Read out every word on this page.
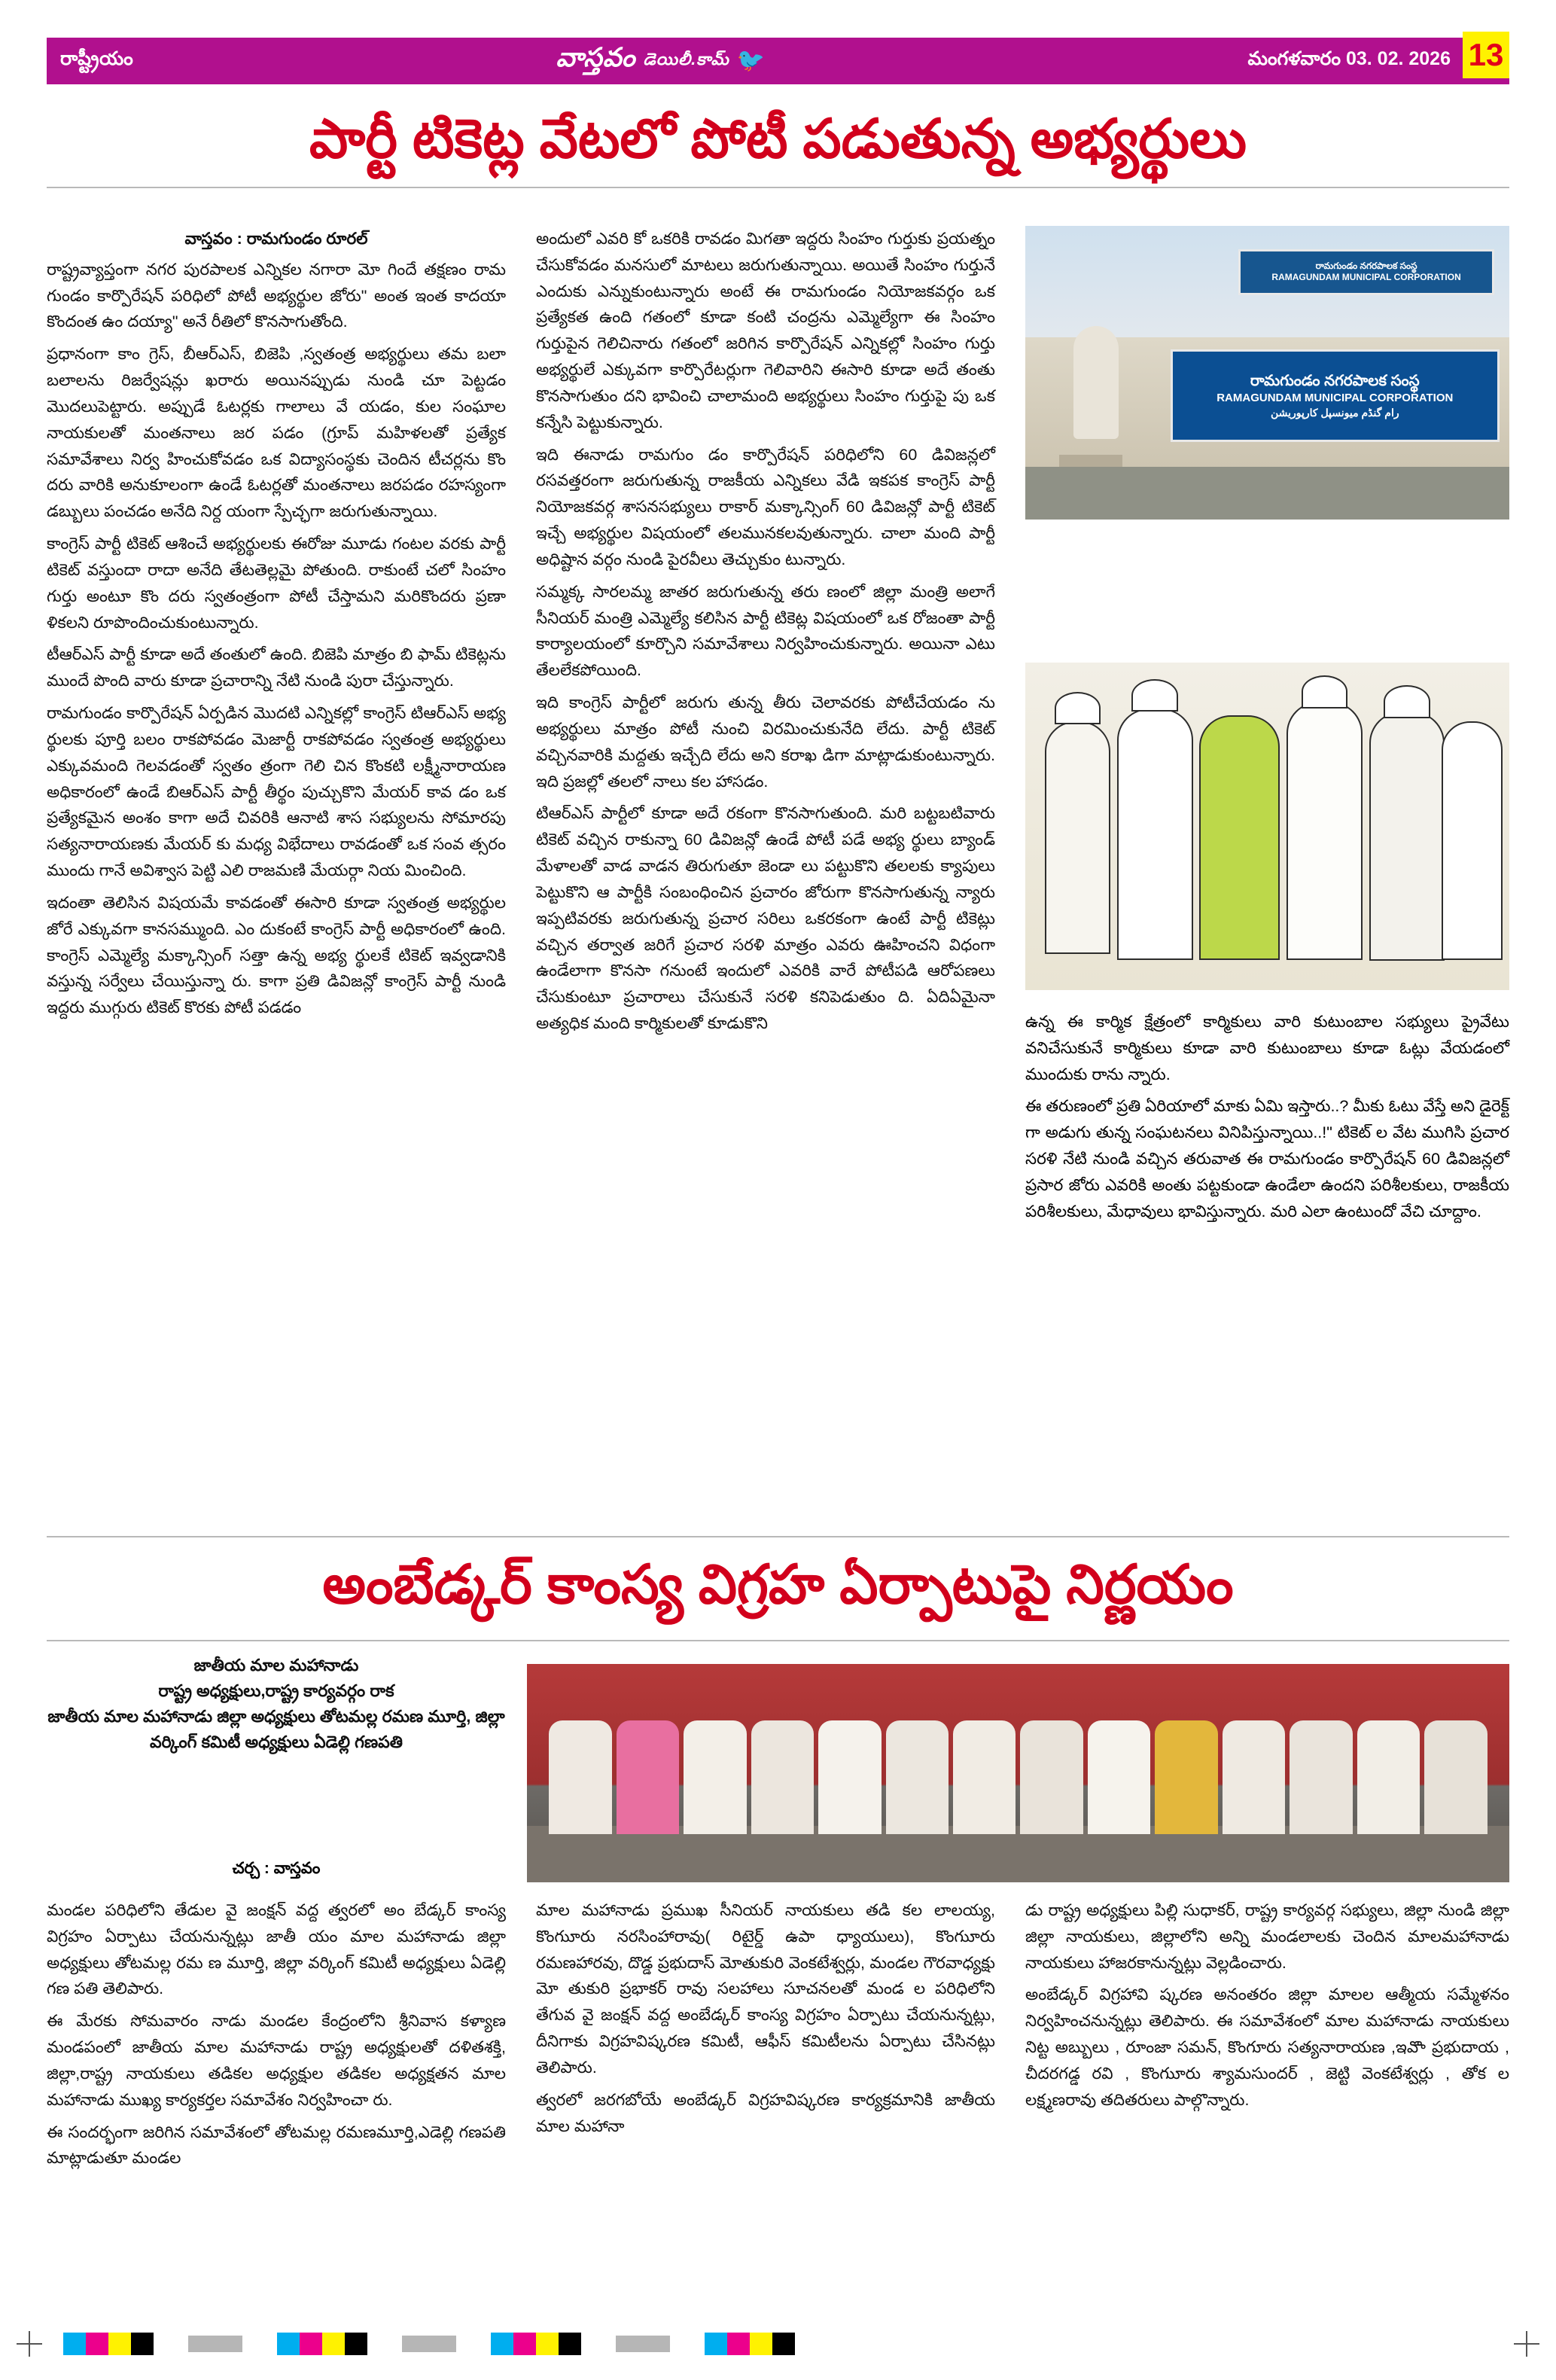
రాష్ట్రీయం	వాస్తవం డెయిలీ.కామ్ 🐦	మంగళవారం 03. 02. 2026 13
పార్టీ టికెట్ల వేటలో పోటీ పడుతున్న అభ్యర్థులు
వాస్తవం : రామగుండం రూరల్

రాష్ట్రవ్యాప్తంగా నగర పురపాలక ఎన్నికల నగారా మో గిందే తక్షణం రామ గుండం కార్పొరేషన్ పరిధిలో పోటీ అభ్యర్థుల జోరు" అంత ఇంత కాదయా కొందంత ఉం దయ్యా" అనే రీతిలో కొనసాగుతోంది.

ప్రధానంగా కాం గ్రెస్, బీఆర్ఎస్, బిజెపి ,స్వతంత్ర అభ్యర్థులు తమ బలా బలాలను రిజర్వేషన్లు ఖరారు అయినప్పుడు నుండి చూ పెట్టడం మొదలుపెట్టారు. అప్పుడే ఓటర్లకు గాలాలు వే యడం, కుల సంఘాల నాయకులతో మంతనాలు జర పడం (గ్రూప్ మహిళలతో ప్రత్యేక సమావేశాలు నిర్వ హించుకోవడం ఒక విద్యాసంస్థకు చెందిన టీచర్లను కొం దరు వారికి అనుకూలంగా ఉండే ఓటర్లతో మంతనాలు జరపడం రహస్యంగా డబ్బులు పంచడం అనేది నిర్ద యంగా స్పేచ్ఛగా జరుగుతున్నాయి.

కాంగ్రెస్ పార్టీ టికెట్ ఆశించే అభ్యర్థులకు ఈరోజు మూడు గంటల వరకు పార్టీ టికెట్ వస్తుందా రాదా అనేది తేటతెల్లమై పోతుంది. రాకుంటే చలో సింహం గుర్తు అంటూ కొం దరు స్వతంత్రంగా పోటీ చేస్తామని మరికొందరు ప్రణా ళికలని రూపొందించుకుంటున్నారు.

టీఆర్ఎస్ పార్టీ కూడా అదే తంతులో ఉంది. బిజెపి మాత్రం బి ఫామ్ టికెట్లను ముందే పొంది వారు కూడా ప్రచారాన్ని నేటి నుండి పురా చేస్తున్నారు.

రామగుండం కార్పొరేషన్ ఏర్పడిన మొదటి ఎన్నికల్లో కాంగ్రెస్ టిఆర్ఎస్ అభ్య ర్థులకు పూర్తి బలం రాకపోవడం మెజార్టీ రాకపోవడం స్వతంత్ర అభ్యర్థులు ఎక్కువమంది గెలవడంతో స్వతం త్రంగా గెలి చిన కొంకటి లక్ష్మీనారాయణ అధికారంలో ఉండే బిఆర్ఎస్ పార్టీ తీర్థం పుచ్చుకొని మేయర్ కావ డం ఒక ప్రత్యేకమైన అంశం కాగా అదే చివరికి ఆనాటి శాస సభ్యులను సోమారపు సత్యనారాయణకు మేయర్ కు మధ్య విభేదాలు రావడంతో ఒక సంవ త్సరం ముందు గానే అవిశ్వాస పెట్టి ఎలి రాజమణి మేయర్గా నియ మించింది.

ఇదంతా తెలిసిన విషయమే కావడంతో ఈసారి కూడా స్వతంత్ర అభ్యర్థుల జోరే ఎక్కువగా కానసమ్ముంది. ఎం దుకంటే కాంగ్రెస్ పార్టీ అధికారంలో ఉంది. కాంగ్రెస్ ఎమ్మెల్యే మక్కాన్సింగ్ సత్తా ఉన్న అభ్య ర్థులకే టికెట్ ఇవ్వడానికి వస్తున్న సర్వేలు చేయిస్తున్నా రు. కాగా ప్రతి డివిజన్లో కాంగ్రెస్ పార్టీ నుండి ఇద్దరు ముగ్గురు టికెట్ కొరకు పోటీ పడడం

అందులో ఎవరి కో ఒకరికి రావడం మిగతా ఇద్దరు సింహం గుర్తుకు ప్రయత్నం చేసుకోవడం మనసులో మాటలు జరుగుతున్నాయి. అయితే సింహం గుర్తునే ఎందుకు ఎన్నుకుంటున్నారు అంటే ఈ రామగుండం నియోజకవర్గం ఒక ప్రత్యేకత ఉంది గతంలో కూడా కంటి చంద్రను ఎమ్మెల్యేగా ఈ సింహం గుర్తుపైన గెలిచినారు గతంలో జరిగిన కార్పొరేషన్ ఎన్నికల్లో సింహం గుర్తు అభ్యర్థులే ఎక్కువగా కార్పొరేటర్లుగా గెలివారిని ఈసారి కూడా అదే తంతు కొనసాగుతుం దని భావించి చాలామంది అభ్యర్థులు సింహం గుర్తుపై పు ఒక కన్నేసి పెట్టుకున్నారు.

ఇది ఈనాడు రామగుం డం కార్పొరేషన్ పరిధిలోని 60 డివిజన్లలో రసవత్తరంగా జరుగుతున్న రాజకీయ ఎన్నికలు వేడి ఇకపక కాంగ్రెస్ పార్టీ నియోజకవర్గ శాసనసభ్యులు రాకార్ మక్కాన్సింగ్ 60 డివిజన్లో పార్టీ టికెట్ ఇచ్చే అభ్యర్థుల విషయంలో తలమునకలవుతున్నారు. చాలా మంది పార్టీ అధిష్టాన వర్గం నుండి పైరవీలు తెచ్చుకుం టున్నారు.

సమ్మక్క సారలమ్మ జాతర జరుగుతున్న తరు ణంలో జిల్లా మంత్రి అలాగే సీనియర్ మంత్రి ఎమ్మెల్యే కలిసిన పార్టీ టికెట్ల విషయంలో ఒక రోజంతా పార్టీ కార్యాలయంలో కూర్చొని సమావేశాలు నిర్వహించుకున్నారు. అయినా ఎటు తేలలేకపోయింది.

ఇది కాంగ్రెస్ పార్టీలో జరుగు తున్న తీరు చెలావరకు పోటీచేయడం ను అభ్యర్థులు మాత్రం పోటీ నుంచి విరమించుకునేది లేదు. పార్టీ టికెట్ వచ్చినవారికి మద్దతు ఇచ్చేది లేదు అని కరాఖ డిగా మాట్లాడుకుంటున్నారు. ఇది ప్రజల్లో తలలో నాలు కల హాసడం.

టిఆర్ఎస్ పార్టీలో కూడా అదే రకంగా కొనసాగుతుంది. మరి బట్టబటివారు టికెట్ వచ్చిన రాకున్నా 60 డివిజన్లో ఉండే పోటీ పడే అభ్య ర్థులు బ్యాండ్ మేళాలతో వాడ వాడన తిరుగుతూ జెండా లు పట్టుకొని తలలకు క్యాపులు పెట్టుకొని ఆ పార్టీకి సంబంధించిన ప్రచారం జోరుగా కొనసాగుతున్న న్యారు ఇప్పటివరకు జరుగుతున్న ప్రచార సరిలు ఒకరకంగా ఉంటే పార్టీ టికెట్లు వచ్చిన తర్వాత జరిగే ప్రచార సరళి మాత్రం ఎవరు ఊహించని విధంగా ఉండేలాగా కొనసా గనుంటే ఇందులో ఎవరికి వారే పోటీపడి ఆరోపణలు చేసుకుంటూ ప్రచారాలు చేసుకునే సరళి కనిపెడుతుం ది. ఏదిఏమైనా అత్యధిక మంది కార్మికులతో కూడుకొని

రామగుండం నగరపాలక సంస్థ
RAMAGUNDAM MUNICIPAL CORPORATION
రామగుండం నగరపాలక సంస్థ
RAMAGUNDAM MUNICIPAL CORPORATION
رام گنڈم میونسپل کارپوریشن

ఉన్న ఈ కార్మిక క్షేత్రంలో కార్మికులు వారి కుటుంబాల సభ్యులు ప్రైవేటు వనిచేసుకునే కార్మికులు కూడా వారి కుటుంబాలు కూడా ఓట్లు వేయడంలో ముందుకు రాను న్నారు.

ఈ తరుణంలో ప్రతి ఏరియాలో మాకు ఏమి ఇస్తారు..? మీకు ఓటు వేస్తే అని డైరెక్ట్ గా అడుగు తున్న సంఘటనలు వినిపిస్తున్నాయి..!" టికెట్ ల వేట ముగిసి ప్రచార సరళి నేటి నుండి వచ్చిన తరువాత ఈ రామగుండం కార్పొరేషన్ 60 డివిజన్లలో ప్రసార జోరు ఎవరికి అంతు పట్టకుండా ఉండేలా ఉందని పరిశీలకులు, రాజకీయ పరిశీలకులు, మేధావులు భావిస్తున్నారు. మరి ఎలా ఉంటుందో వేచి చూద్దాం.

అంబేడ్కర్ కాంస్య విగ్రహ ఏర్పాటుపై నిర్ణయం
జాతీయ మాల మహానాడు
రాష్ట్ర అధ్యక్షులు,రాష్ట్ర కార్యవర్గం రాక
జాతీయ మాల మహానాడు జిల్లా అధ్యక్షులు తోటమల్ల రమణ మూర్తి, జిల్లా వర్కింగ్ కమిటీ అధ్యక్షులు ఏడెల్లి గణపతి
చర్చ : వాస్తవం

మండల పరిధిలోని తేడుల వై జంక్షన్ వద్ద త్వరలో అం బేడ్కర్ కాంస్య విగ్రహం ఏర్పాటు చేయనున్నట్లు జాతీ యం మాల మహానాడు జిల్లా అధ్యక్షులు తోటమల్ల రమ ణ మూర్తి, జిల్లా వర్కింగ్ కమిటీ అధ్యక్షులు ఏడెల్లి గణ పతి తెలిపారు.

ఈ మేరకు సోమవారం నాడు మండల కేంద్రంలోని శ్రీనివాస కళ్యాణ మండపంలో జాతీయ మాల మహానాడు రాష్ట్ర అధ్యక్షులతో దళితశక్తి, జిల్లా,రాష్ట్ర నాయకులు తడికల అధ్యక్షుల తడికల అధ్యక్షతన మాల మహానాడు ముఖ్య కార్యకర్తల సమావేశం నిర్వహించా రు.

ఈ సందర్భంగా జరిగిన సమావేశంలో తోటమల్ల రమణమూర్తి,ఎడెల్లి గణపతి మాట్లాడుతూ మండల

మాల మహానాడు ప్రముఖ సీనియర్ నాయకులు తడి కల లాలయ్య, కొంగుూరు నరసింహారావు( రిటైర్డ్ ఉపా ధ్యాయులు), కొంగుూరు రమణహారవు, దొడ్డ ప్రభుదాస్ మోతుకురి వెంకటేశ్వర్లు, మండల గౌరవాధ్యక్షు మో తుకురి ప్రభాకర్ రావు సలహాలు సూచనలతో మండ ల పరిధిలోని తేగువ వై జంక్షన్ వద్ద అంబేడ్కర్ కాంస్య విగ్రహం ఏర్పాటు చేయనున్నట్లు, దీనిగాకు విగ్రహవిష్కరణ కమిటీ, ఆఫీస్ కమిటీలను ఏర్పాటు చేసినట్లు తెలిపారు.

త్వరలో జరగబోయే అంబేడ్కర్ విగ్రహవిష్కరణ కార్యక్రమానికి జాతీయ మాల మహానా

డు రాష్ట్ర అధ్యక్షులు పిల్లి సుధాకర్, రాష్ట్ర కార్యవర్గ సభ్యులు, జిల్లా నుండి జిల్లా జిల్లా నాయకులు, జిల్లాలోని అన్ని మండలాలకు చెందిన మాలమహానాడు నాయకులు హాజరకానున్నట్లు వెల్లడించారు.

అంబేడ్కర్ విగ్రహావి ష్కరణ అనంతరం జిల్లా మాలల ఆత్మీయ సమ్మేళనం నిర్వహించనున్నట్లు తెలిపారు. ఈ సమావేశంలో మాల మహానాడు నాయకులు నిట్ట అబ్బులు , రూంజా సమన్, కొంగూరు సత్యనారాయణ ,ఇవొా ప్రభుదాయ , చీదరగడ్డ రవి , కొంగుూరు శ్యామసుందర్ , జెట్టి వెంకటేశ్వర్లు , తోక ల లక్ష్మణరావు తదితరులు పాల్గొన్నారు.
